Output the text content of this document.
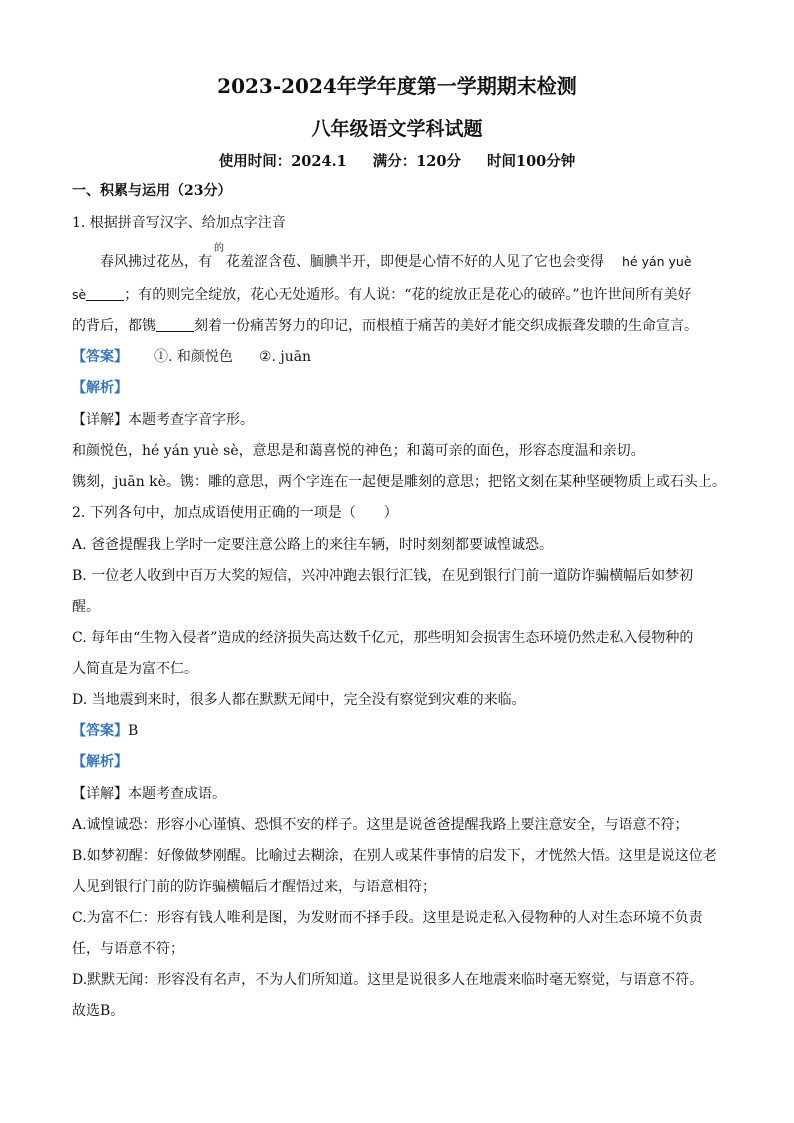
2023-2024年学年度第一学期期末检测
八年级语文学科试题
使用时间：2024.1 满分：120分 时间100分钟
一、积累与运用（23分）
1. 根据拼音写汉字、给加点字注音
春风拂过花丛，有
的
　花羞涩含苞、腼腆半开，即便是心情不好的人见了它也会变得 hé yán yuè
sè	；有的则完全绽放，花心无处遁形。有人说：“花的绽放正是花心的破碎。”也许世间所有美好
的背后，都镌	刻着一份痛苦努力的印记，而根植于痛苦的美好才能交织成振聋发聩的生命宣言。
【答案】 ①. 和颜悦色 ②. juān
【解析】
【详解】本题考查字音字形。
和颜悦色，hé yán yuè sè，意思是和蔼喜悦的神色；和蔼可亲的面色，形容态度温和亲切。
镌刻，juān kè。镌：雕的意思，两个字连在一起便是雕刻的意思；把铭文刻在某种坚硬物质上或石头上。
2. 下列各句中，加点成语使用正确的一项是（　　）
A. 爸爸提醒我上学时一定要注意公路上的来往车辆，时时刻刻都要诚惶诚恐。
B. 一位老人收到中百万大奖的短信，兴冲冲跑去银行汇钱，在见到银行门前一道防诈骗横幅后如梦初
醒。
C. 每年由“生物入侵者”造成的经济损失高达数千亿元，那些明知会损害生态环境仍然走私入侵物种的
人简直是为富不仁。
D. 当地震到来时，很多人都在默默无闻中，完全没有察觉到灾难的来临。
【答案】B
【解析】
【详解】本题考查成语。
A.诚惶诚恐：形容小心谨慎、恐惧不安的样子。这里是说爸爸提醒我路上要注意安全，与语意不符；
B.如梦初醒：好像做梦刚醒。比喻过去糊涂，在别人或某件事情的启发下，才恍然大悟。这里是说这位老
人见到银行门前的防诈骗横幅后才醒悟过来，与语意相符；
C.为富不仁：形容有钱人唯利是图，为发财而不择手段。这里是说走私入侵物种的人对生态环境不负责
任，与语意不符；
D.默默无闻：形容没有名声，不为人们所知道。这里是说很多人在地震来临时毫无察觉，与语意不符。
故选B。
